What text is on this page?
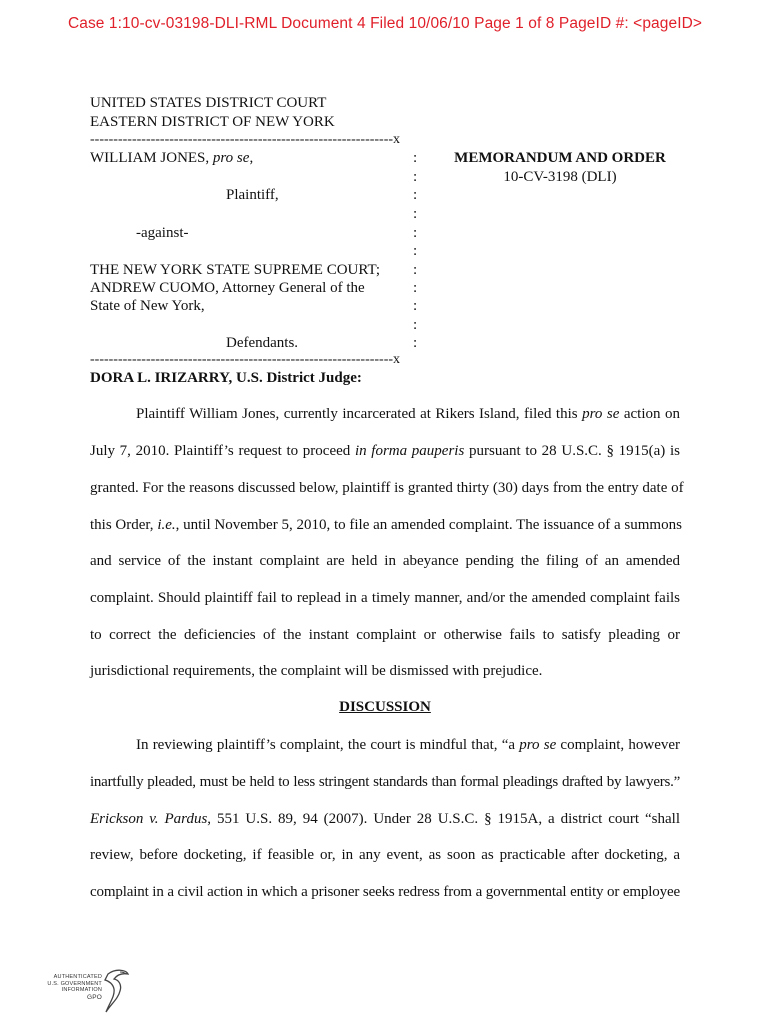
Case 1:10-cv-03198-DLI-RML Document 4 Filed 10/06/10 Page 1 of 8 PageID #: <pageID>
UNITED STATES DISTRICT COURT
EASTERN DISTRICT OF NEW YORK
-----------------------------------------------------------------x
WILLIAM JONES, pro se,
Plaintiff,
-against-
THE NEW YORK STATE SUPREME COURT;
ANDREW CUOMO, Attorney General of the
State of New York,
Defendants.
:
:
:
:
:
:
:
:
:
:
:
MEMORANDUM AND ORDER
10-CV-3198 (DLI)
-----------------------------------------------------------------x
DORA L. IRIZARRY, U.S. District Judge:
Plaintiff William Jones, currently incarcerated at Rikers Island, filed this pro se action on
July 7, 2010. Plaintiff’s request to proceed in forma pauperis pursuant to 28 U.S.C. § 1915(a) is
granted. For the reasons discussed below, plaintiff is granted thirty (30) days from the entry date of
this Order, i.e., until November 5, 2010, to file an amended complaint. The issuance of a summons
and service of the instant complaint are held in abeyance pending the filing of an amended
complaint. Should plaintiff fail to replead in a timely manner, and/or the amended complaint fails
to correct the deficiencies of the instant complaint or otherwise fails to satisfy pleading or
jurisdictional requirements, the complaint will be dismissed with prejudice.
DISCUSSION
In reviewing plaintiff’s complaint, the court is mindful that, “a pro se complaint, however
inartfully pleaded, must be held to less stringent standards than formal pleadings drafted by lawyers.”
Erickson v. Pardus, 551 U.S. 89, 94 (2007). Under 28 U.S.C. § 1915A, a district court “shall
review, before docketing, if feasible or, in any event, as soon as practicable after docketing, a
complaint in a civil action in which a prisoner seeks redress from a governmental entity or employee
AUTHENTICATED
U.S. GOVERNMENT
INFORMATION
GPO
